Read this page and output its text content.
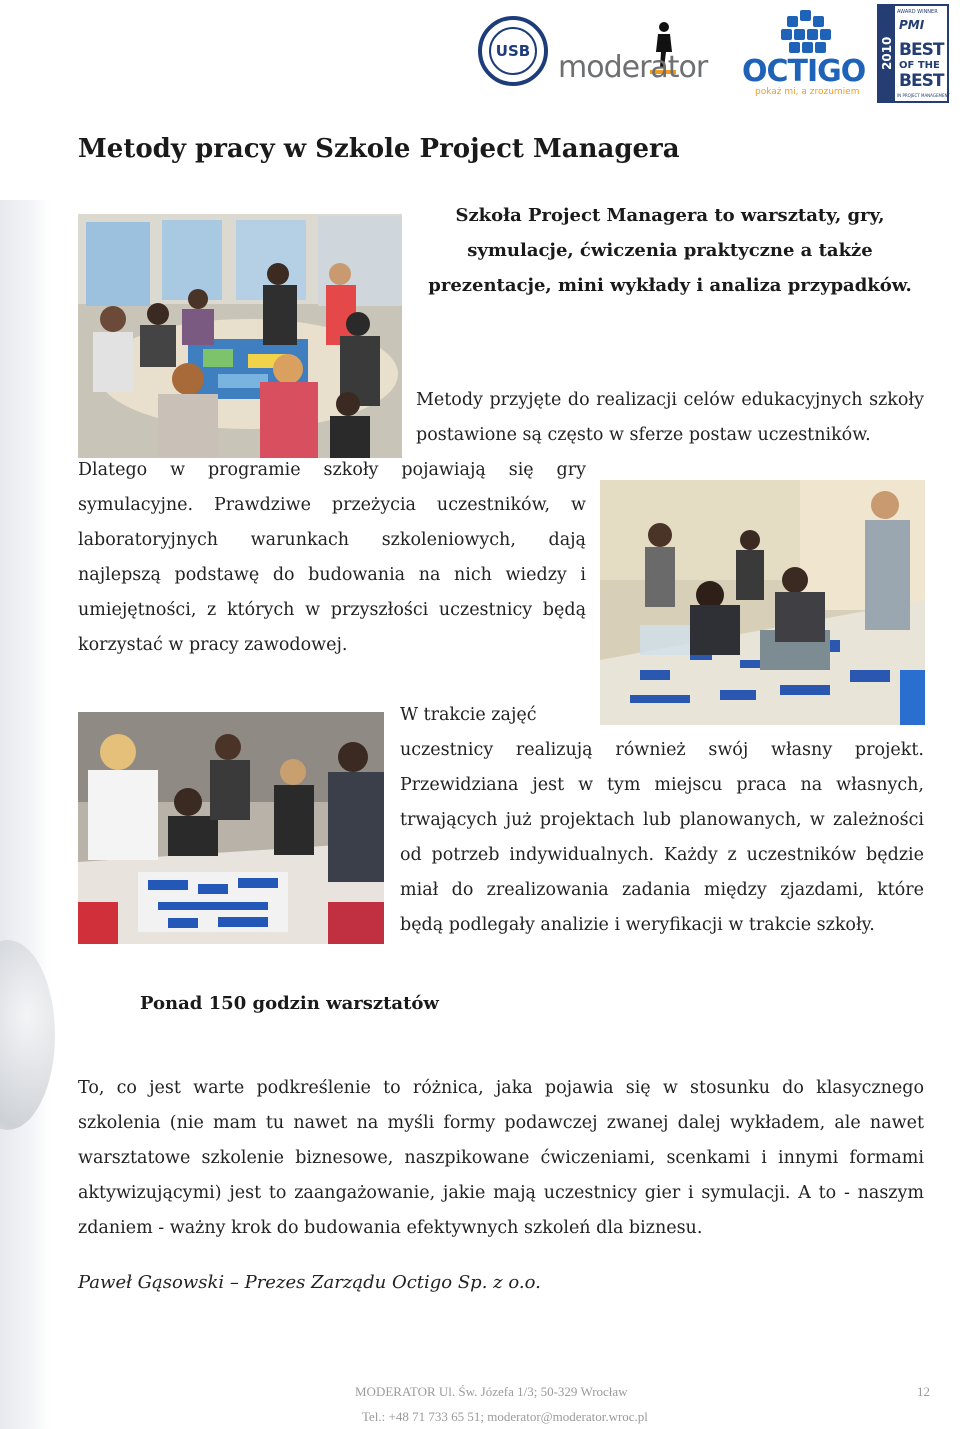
USB moderator OCTIGO
pokaż mi, a zrozumiem
2010
AWARD WINNER
PMI
BEST
OF THE
BEST
IN PROJECT MANAGEMENT
Metody pracy w Szkole Project Managera

Szkoła Project Managera to warsztaty, gry, symulacje, ćwiczenia praktyczne a także prezentacje, mini wykłady i analiza przypadków.

Metody przyjęte do realizacji celów edukacyjnych szkoły postawione są często w sferze postaw uczestników.

Dlatego w programie szkoły pojawiają się gry symulacyjne. Prawdziwe przeżycia uczestników, w laboratoryjnych warunkach szkoleniowych, dają najlepszą podstawę do budowania na nich wiedzy i umiejętności, z których w przyszłości uczestnicy będą korzystać w pracy zawodowej.

W trakcie zajęć

uczestnicy realizują również swój własny projekt. Przewidziana jest w tym miejscu praca na własnych, trwających już projektach lub planowanych, w zależności od potrzeb indywidualnych. Każdy z uczestników będzie miał do zrealizowania zadania między zjazdami, które będą podlegały analizie i weryfikacji w trakcie szkoły.

Ponad 150 godzin warsztatów

To, co jest warte podkreślenie to różnica, jaka pojawia się w stosunku do klasycznego szkolenia (nie mam tu nawet na myśli formy podawczej zwanej dalej wykładem, ale nawet warsztatowe szkolenie biznesowe, naszpikowane ćwiczeniami, scenkami i innymi formami aktywizującymi) jest to zaangażowanie, jakie mają uczestnicy gier i symulacji. A to - naszym zdaniem - ważny krok do budowania efektywnych szkoleń dla biznesu.

Paweł Gąsowski – Prezes Zarządu Octigo Sp. z o.o.

MODERATOR Ul. Św. Józefa 1/3; 50-329 Wrocław
Tel.: +48 71 733 65 51; moderator@moderator.wroc.pl
12
